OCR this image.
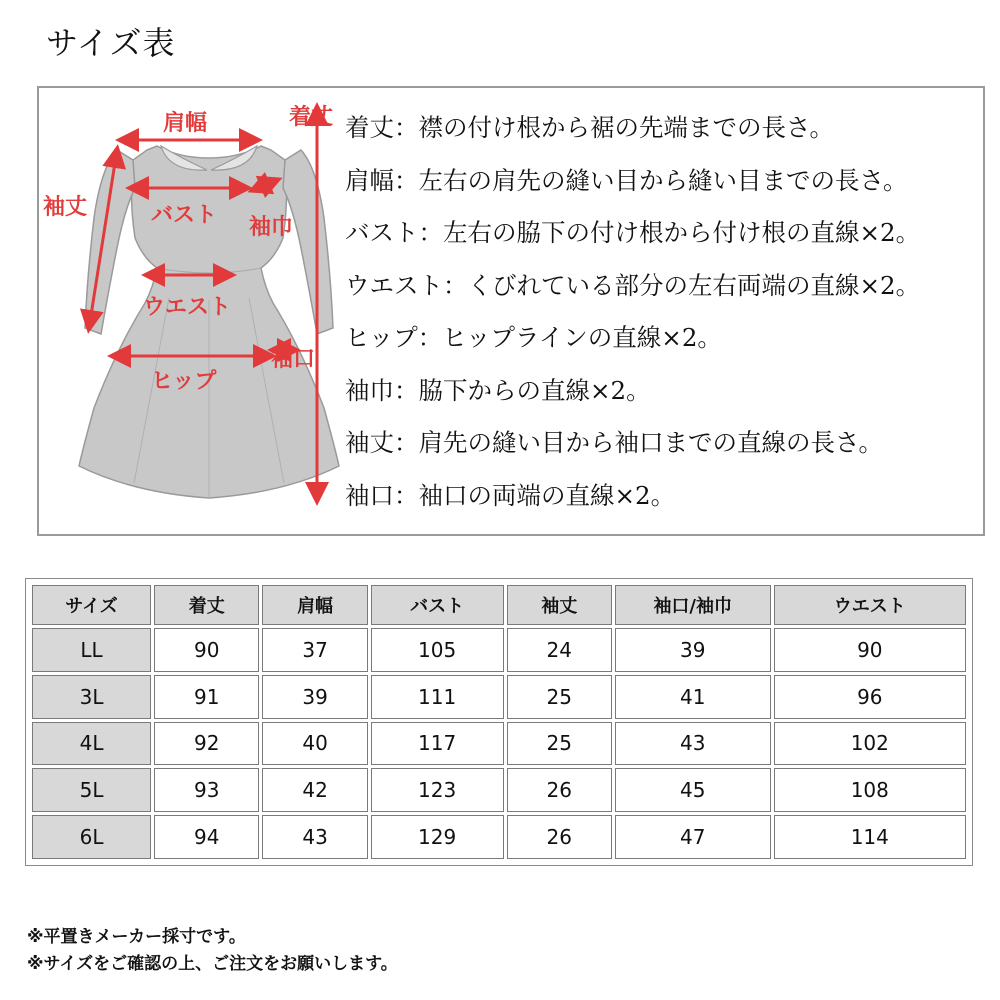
サイズ表
肩幅	着丈
袖丈	バスト 袖巾
ウエスト
袖口
ヒップ
着丈：襟の付け根から裾の先端までの長さ。
肩幅：左右の肩先の縫い目から縫い目までの長さ。
バスト：左右の脇下の付け根から付け根の直線×2。
ウエスト：くびれている部分の左右両端の直線×2。
ヒップ：ヒップラインの直線×2。
袖巾：脇下からの直線×2。
袖丈：肩先の縫い目から袖口までの直線の長さ。
袖口：袖口の両端の直線×2。
サイズ	着丈	肩幅	バスト	袖丈	袖口/袖巾	ウエスト
LL	90	37	105	24	39	90
3L	91	39	111	25	41	96
4L	92	40	117	25	43	102
5L	93	42	123	26	45	108
6L	94	43	129	26	47	114
※平置きメーカー採寸です。
※サイズをご確認の上、ご注文をお願いします。
